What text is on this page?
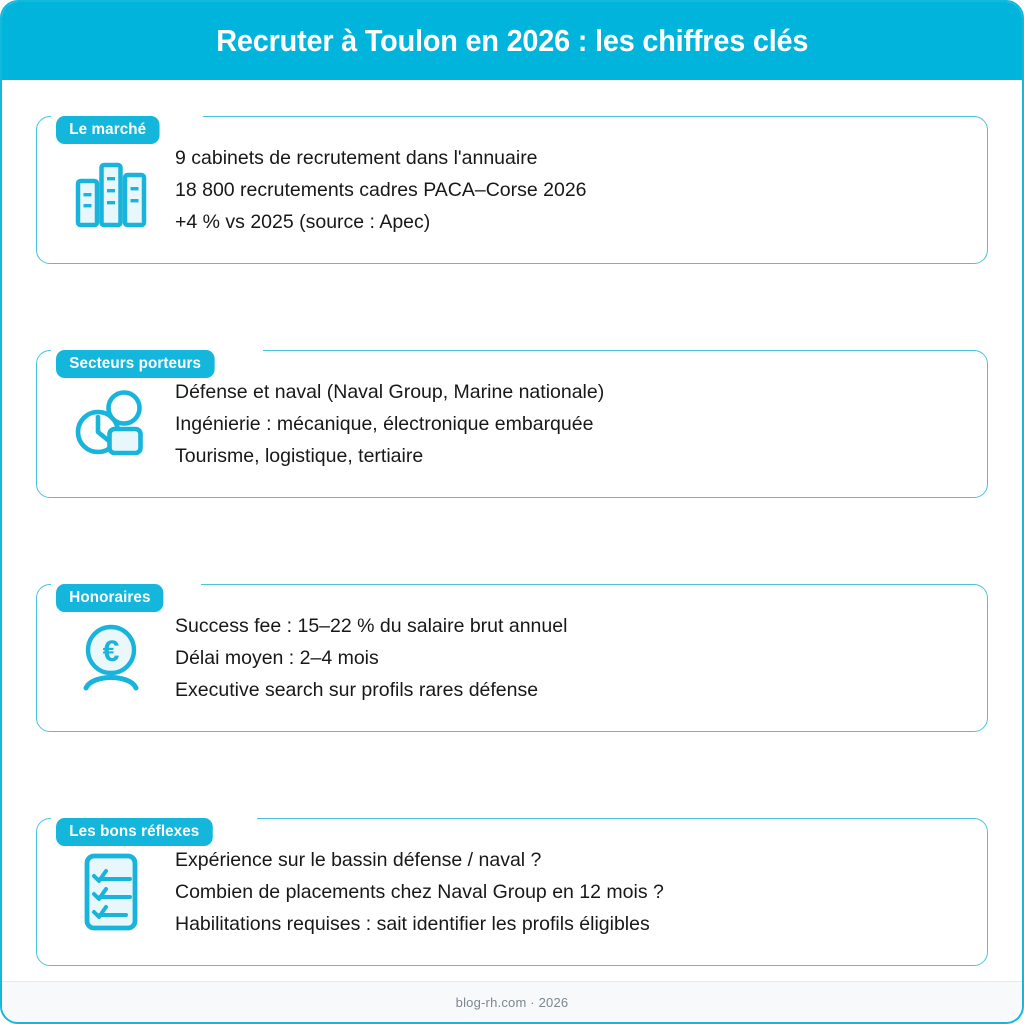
Recruter à Toulon en 2026 : les chiffres clés
Le marché
9 cabinets de recrutement dans l'annuaire
18 800 recrutements cadres PACA–Corse 2026
+4 % vs 2025 (source : Apec)
Secteurs porteurs
Défense et naval (Naval Group, Marine nationale)
Ingénierie : mécanique, électronique embarquée
Tourisme, logistique, tertiaire
Honoraires
€
Success fee : 15–22 % du salaire brut annuel
Délai moyen : 2–4 mois
Executive search sur profils rares défense
Les bons réflexes
Expérience sur le bassin défense / naval ?
Combien de placements chez Naval Group en 12 mois ?
Habilitations requises : sait identifier les profils éligibles
blog-rh.com · 2026
